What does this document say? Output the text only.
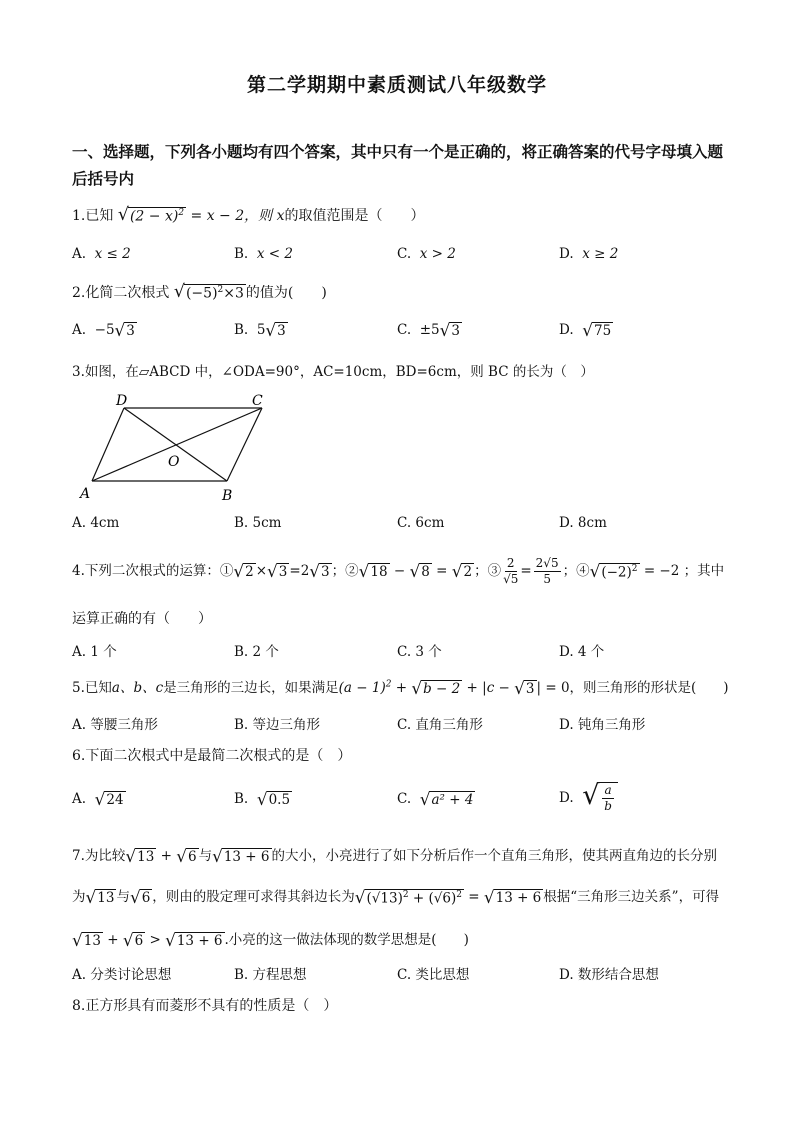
第二学期期中素质测试八年级数学
一、选择题，下列各小题均有四个答案，其中只有一个是正确的，将正确答案的代号字母填入题后括号内
1.已知 √ $(2 - x)^2 = x - 2$，则 x的取值范围是（　　）
A. x ≤ 2	B. x < 2	C. x > 2	D. x ≥ 2
2.化简二次根式 √ $(-5)^2\times 3$ 的值为(　　)
A. −5 √ 3	B. 5 √ 3	C. ±5 √ 3	D. √ 75
3.如图，在▱ABCD 中，∠ODA=90°，AC=10cm，BD=6cm，则 BC 的长为（　）
D	C
O
A	B
A. 4cm	B. 5cm	C. 6cm	D. 8cm
4.下列二次根式的运算：① √ 2 × √ 3 =2 √ 3 ；② √ 18 − √ 8 = √ 2 ；③ $\frac{2}{√5} = \frac{2√5}{5}$ ；④ √ $(-2)^2 = -2$ ；其中
运算正确的有（　　）
A. 1 个	B. 2 个	C. 3 个	D. 4 个
5.已知a、b、c是三角形的三边长，如果满足$(a - 1)^2$ + √ b − 2 + |c − √ 3 | = 0，则三角形的形状是(　　)
A. 等腰三角形	B. 等边三角形	C. 直角三角形	D. 钝角三角形
6.下面二次根式中是最简二次根式的是（　）
A. √ 24	B. √ 0.5	C. √ a² + 4	D. √ $\frac{a}{b}$
7.为比较 √ 13 + √ 6 与 √ 13 + 6 的大小，小亮进行了如下分析后作一个直角三角形，使其两直角边的长分别
为 √ 13 与 √ 6 ，则由的股定理可求得其斜边长为 √ $(√13)^2 + (√6)^2$ = √ 13 + 6 根据“三角形三边关系”，可得
√ 13 + √ 6 > √ 13 + 6 .小亮的这一做法体现的数学思想是(　　)
A. 分类讨论思想	B. 方程思想	C. 类比思想	D. 数形结合思想
8.正方形具有而菱形不具有的性质是（　）
